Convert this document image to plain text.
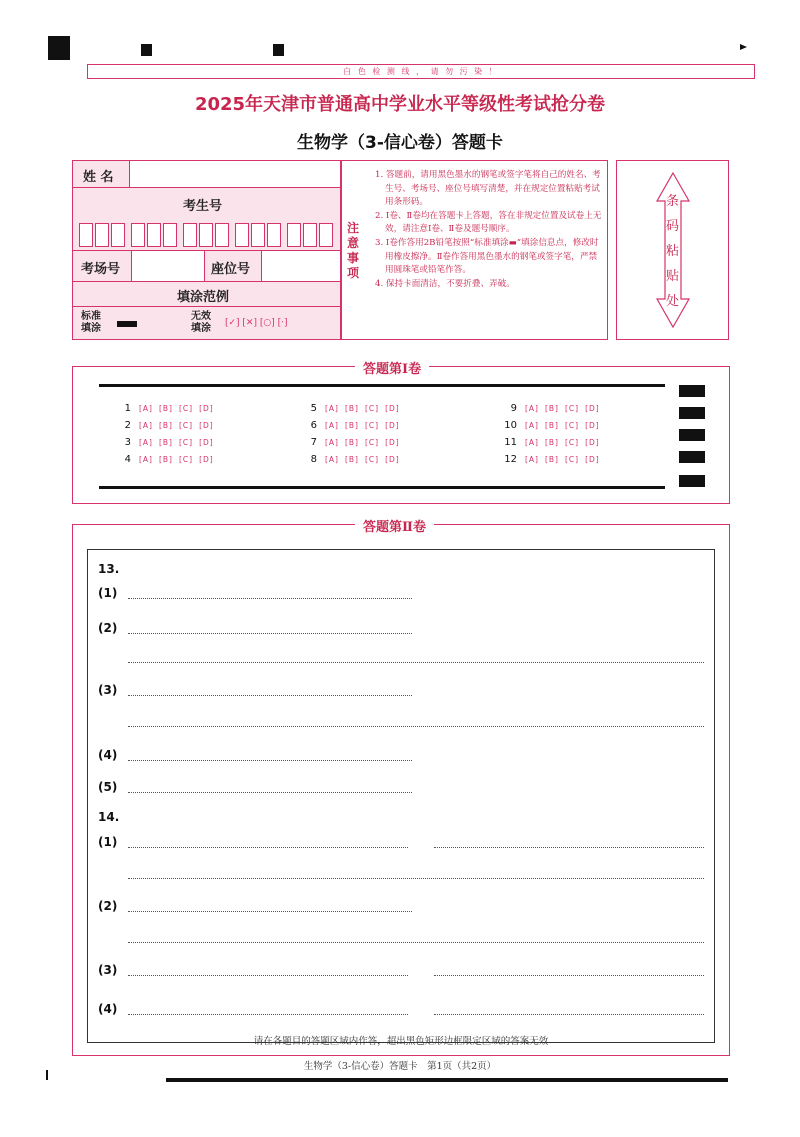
白 色 检 测 线 ， 请 勿 污 染 ！
2025年天津市普通高中学业水平等级性考试抢分卷
生物学（3-信心卷）答题卡
姓 名
考生号
考场号	座位号
填涂范例
标准填涂
无效填涂	[✓] [✕] [○] [‧]
注意事项
1. 答题前，请用黑色墨水的钢笔或签字笔将自己的姓名、考生号、考场号、座位号填写清楚，并在规定位置粘贴考试用条形码。
2. Ⅰ卷、Ⅱ卷均在答题卡上答题，答在非规定位置及试卷上无效，请注意Ⅰ卷、Ⅱ卷及题号顺序。
3. Ⅰ卷作答用2B铅笔按照“标准填涂▬”填涂信息点，修改时用橡皮擦净。Ⅱ卷作答用黑色墨水的钢笔或签字笔，严禁用圆珠笔或铅笔作答。
4. 保持卡面清洁，不要折叠、弄破。
条码粘贴处
答题第Ⅰ卷
1 [A] [B] [C] [D]
2 [A] [B] [C] [D]
3 [A] [B] [C] [D]
4 [A] [B] [C] [D]
5 [A] [B] [C] [D]
6 [A] [B] [C] [D]
7 [A] [B] [C] [D]
8 [A] [B] [C] [D]
9 [A] [B] [C] [D]
10 [A] [B] [C] [D]
11 [A] [B] [C] [D]
12 [A] [B] [C] [D]
答题第Ⅱ卷
13.
(1)
(2)
(3)
(4)
(5)
14.
(1)
(2)
(3)
(4)
请在各题目的答题区域内作答，超出黑色矩形边框限定区域的答案无效
生物学（3-信心卷）答题卡　第1页（共2页）
